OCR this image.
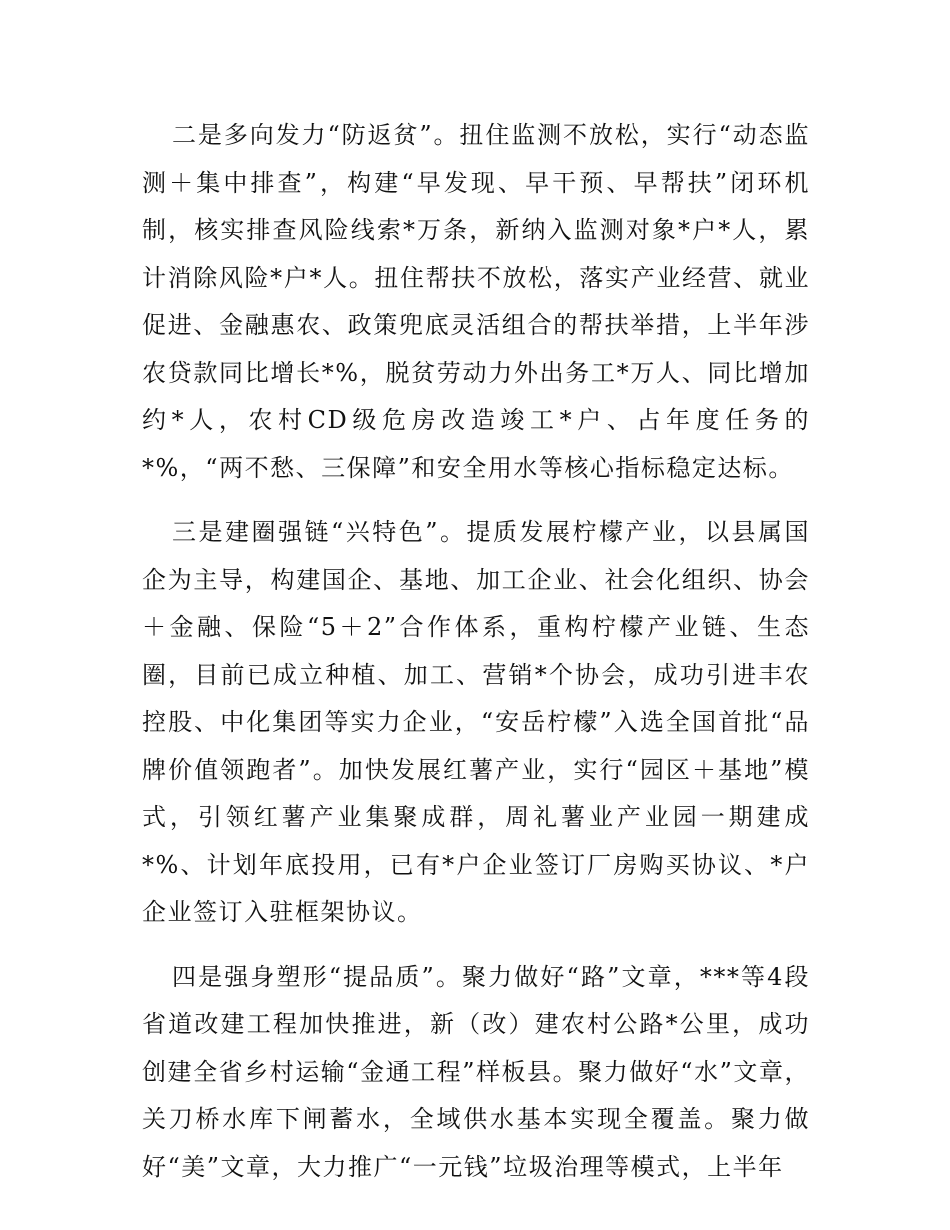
二是多向发力“防返贫”。扭住监测不放松，实行“动态监测＋集中排查”，构建“早发现、早干预、早帮扶”闭环机制，核实排查风险线索*万条，新纳入监测对象*户*人，累计消除风险*户*人。扭住帮扶不放松，落实产业经营、就业促进、金融惠农、政策兜底灵活组合的帮扶举措，上半年涉农贷款同比增长*%，脱贫劳动力外出务工*万人、同比增加约*人，农村CD级危房改造竣工*户、占年度任务的*%，“两不愁、三保障”和安全用水等核心指标稳定达标。

三是建圈强链“兴特色”。提质发展柠檬产业，以县属国企为主导，构建国企、基地、加工企业、社会化组织、协会＋金融、保险“5＋2”合作体系，重构柠檬产业链、生态圈，目前已成立种植、加工、营销*个协会，成功引进丰农控股、中化集团等实力企业，“安岳柠檬”入选全国首批“品牌价值领跑者”。加快发展红薯产业，实行“园区＋基地”模式，引领红薯产业集聚成群，周礼薯业产业园一期建成*%、计划年底投用，已有*户企业签订厂房购买协议、*户企业签订入驻框架协议。

四是强身塑形“提品质”。聚力做好“路”文章，***等4段省道改建工程加快推进，新（改）建农村公路*公里，成功创建全省乡村运输“金通工程”样板县。聚力做好“水”文章，关刀桥水库下闸蓄水，全域供水基本实现全覆盖。聚力做好“美”文章，大力推广“一元钱”垃圾治理等模式，上半年
